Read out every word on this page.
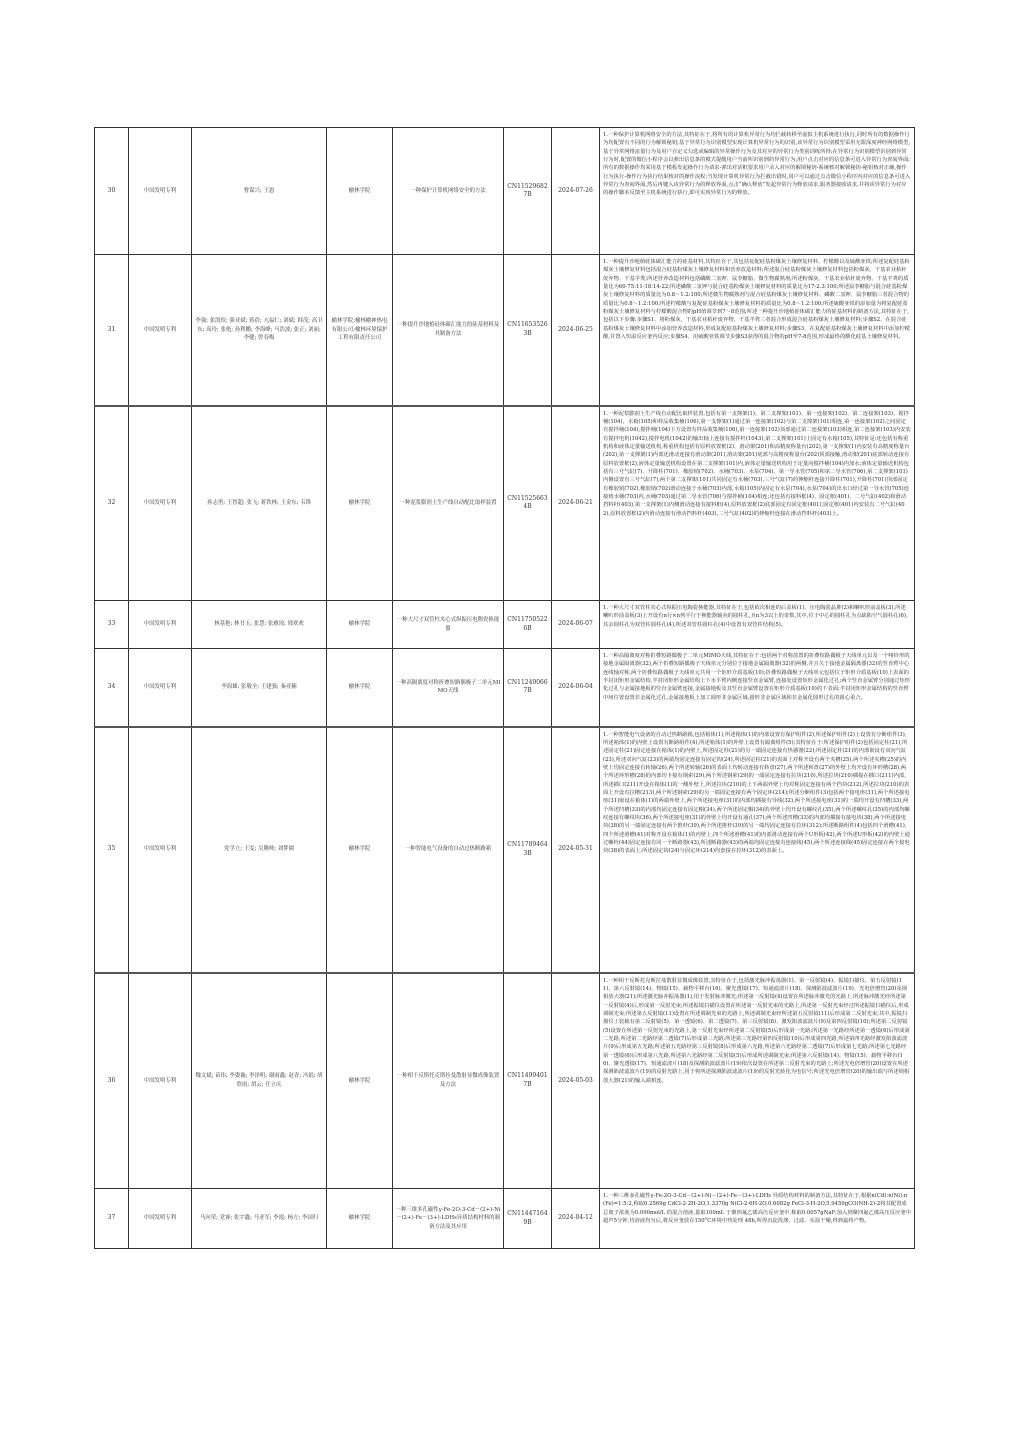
30	中国发明专利	曹谋兴; 王恩	榆林学院	一种保护计算机网络安全的方法	CN115296827B	2024-07-26	1.一种保护计算机网络安全的方法,其特征在于,将所有的计算机异常行为均拦截转移至虚拟主机系统进行执行,同时所有的数据操作行为均配置有不同的行为解锁秘钥;基于异常行为识别模型实现计算机异常行为的识别,该异常行为识别模型采用无限深度神经网络模型,基于异常网络流量行为及用户自定义勾选或编辑的异常操作行为及其对应的异常行为类别训练所得;在异常行为识别模型识别到异常行为时,配置的微信小程序会以弹出信息条的模式提醒用户当前所识别到的异常行为,用户点击对应的信息条可进入异常行为查阅界面;所有的数据操作均采用基于模板发起操作行为请求-弹出对话框要求用户录入对应的解锁秘钥-系统核对解锁秘钥-秘钥核对正确,操作行为执行-操作行为执行结果核对的操作流程;当发现计算机异常行为拦截出错时,用户可以通过点击微信小程序内对应的信息条可进入异常行为查阅界面,然后再键入该异常行为的释放界面,点击“确认释放”发起异常行为释放请求,服务器接收请求,并将该异常行为对应的操作脚本反馈至主机系统进行执行,即可实现异常行为的释放。
31	中国发明专利	李强; 张凯煜; 强亚斌; 蒋蓓; 亢福仁; 刘斌; 韩茂; 高卫东; 高玲; 张艳; 孙利鹏; 李海峰; 马浩波; 张正; 刘丽; 李健; 曾春梅	榆林学院;榆林榆神热电有限公司;榆林环境保护工程有限责任公司	一种提升沙地植硅体碳汇能力的硅基材料及其制备方法	CN116535263B	2024-06-25	1.一种提升沙地植硅体碳汇能力的硅基材料,其特征在于,其包括复配硅基粉煤灰土壤修复材料、柠檬酸以及硫酸亚铁;所述复配硅基粉煤灰土壤修复材料包括混合硅基粉煤灰土壤修复材料和营养改造材料;所述混合硅基粉煤灰土壤修复材料包括粉煤灰、干基农业秸秆废弃物、干基羊粪;所述营养改造材料包括磷酸二氢钾、鼠李糖脂、微生物腐熟剂;所述粉煤灰、干基农业秸秆废弃物、干基羊粪的质量比为60-75:11-18:14-22;所述磷酸二氢钾与混合硅基粉煤灰土壤修复材料的质量比为17-2.3:100;所述鼠李糖脂与混合硅基粉煤灰土壤修复材料的质量比为0.8～1.2:100;所述微生物腐熟剂与混合硅基粉煤灰土壤修复材料、磷酸二氢钾、鼠李糖脂三者混合物的质量比为0.8～1.2:100;所述柠檬酸与复配硅基粉煤灰土壤修复材料的质量比为0.8～1.2:100;所述硫酸亚铁的添加量为将复配硅基粉煤灰土壤修复材料与柠檬酸混合物的pH值调节到7～8范围;所述一种提升沙地植硅体碳汇能力的硅基材料的制备方法,其特征在于,包括以下步骤:步骤S1、将粉煤灰、干基农业秸秆废弃物、干基羊粪三者混合形成混合硅基粉煤灰土壤修复材料;步骤S2、在混合硅基粉煤灰土壤修复材料中添加营养改造材料,形成复配硅基粉煤灰土壤修复材料;步骤S3、在复配硅基粉煤灰土壤修复材料中添加柠檬酸,并置入恒温反应釜内反应;步骤S4、用硫酸亚铁调节步骤S3获得的混合物的pH至7-8范围,形成最终的酸化硅基土壤修复材料。
32	中国发明专利	孙志勇; 王智超; 张飞; 蒋铁林; 王金东; 韦锋	榆林学院	一种泥浆膨润土生产线自动配比取样装置	CN115256634B	2024-06-21	1.一种泥浆膨润土生产线自动配比取样装置,包括有第一支撑架(1)、第二支撑架(101)、第一连接架(102)、第二连接架(103)、搅拌桶(104)、水箱(105)和样品收集桶(106),第一支撑架(1)通过第一连接架(102)与第二支撑架(101)相连,第一连接架(102)之间固定有搅拌桶(104),搅拌桶(104)下方设置有样品收集桶(106),第一连接架(102)顶部通过第二连接架(103)相连,第二连接架(103)内安装有搅拌电机(1042),搅拌电机(1042)的输出轴上连接有搅拌杆(1043),第二支撑架(101)上固定有水箱(105),其特征是:还包括有称重机构和液体定量输送机构,称重机构包括有原料放置框(2)、滑动架(201)和高精度称量台(202),第一支撑架(1)内安装有高精度称量台(202),第一支撑架(1)内部还滑动连接有滑动架(201),滑动架(201)底部与高精度称量台(202)顶部接触,滑动架(201)底部转动连接有原料放置框(2),液体定量输送机构设置在第二支撑架(101)内,液体定量输送机构用于定量向搅拌桶(104)内加水;液体定量输送机构包括有三号气缸(7)、升降柱(701)、橡胶销(702)、水桶(703)、水泵(704)、第一导水管(705)和第二导水管(706),第二支撑架(101)内侧设置有三号气缸(7),两个第二支撑架(101)共同固定有水桶(703),三号气缸(7)的伸缩杆连接升降柱(701),升降柱(701)顶部固定有橡胶销(702),橡胶销(702)滑动连接于水桶(703)内部,水箱(105)内固定有水泵(704),水泵(704)的出水口经过第一导水管(705)连接到水桶(703)内,水桶(703)通过第二导水管(706)与搅拌桶(104)相连;还包括有接料框(4)、固定框(401)、二号气缸(402)和滑动挡料杆(403),第一支撑架(1)内侧滑动连接有接料框(4),原料放置框(2)底部固定有固定框(401),固定框(401)内安装有二号气缸(402),原料放置框(2)内滑动连接有滑动挡料杆(403),二号气缸(402)的伸缩杆连接在滑动挡料杆(403)上。
33	中国发明专利	林基艳; 林书玉; 张慧; 张雅琼; 邢欢欢	榆林学院	一种大尺寸双管柱夹心式纵振压电陶瓷换能器	CN117505226B	2024-06-07	1.一种大尺寸双管柱夹心式纵振压电陶瓷换能器,其特征在于,包括依次相连的后盖板(1)、压电陶瓷晶堆(2)和喇叭形前盖板(3),所述喇叭形前盖板(3)上开设有n行×n列平行于换能器轴向的圆柱孔,且n为3以上的奇数,其中,位于中心的圆柱孔为点缺陷空气圆柱孔(6),其余圆柱孔为双管柱圆柱孔(4),所述双管柱圆柱孔(4)中设置有双管柱结构(5)。
34	中国发明专利	李海雄; 张敬全; 王建强; 秦亚楠	榆林学院	一种高隔离度对称折叠短路偶极子二单元MIMO天线	CN112490667B	2024-06-04	1.一种高隔离度对称折叠短路偶极子二单元MIMO天线,其特征在于:包括两个对称放置的折叠短路偶极子天线单元以及一个哑铃形的接地金属隔离器(32),两个折叠短路偶极子天线单元分别位于接地金属隔离器(32)的两侧,并且关于接地金属隔离器(32)的竖直臂中心连线轴对称,两个折叠短路偶极子天线单元共用一个矩形介质基板(10);折叠短路偶极子天线单元包括位于矩形介质基板(10)上表面的半封闭矩形金属结构,半封闭矩形金属结构上下水平臂内侧连接竖直金属臂,连接处设置矩形金属化过孔;两个竖直金属臂分别通过矩形化过孔与金属接地板的竖直金属臂连接,金属接地板及其竖直金属臂设置在矩形介质基板(10)的下表面;半封闭矩形金属结构的竖直臂中间位置设置非金属化过孔,金属接地板上加工圆形非金属区域,圆形非金属区域和非金属化圆形过孔的圆心重合。
35	中国发明专利	党学立; 王雯; 吴腾帅; 刘梦園	榆林学院	一种智能电气设备的自动过热断路箱	CN117894643B	2024-05-31	1.一种智能电气设备的自动过热断路箱,包括箱体(1),所述箱体(1)的内部设置有保护组件(2),所述保护组件(2)上设置有分断组件(3),所述箱体(1)的内壁上设置有断路组件(4),所述箱体(1)的外壁上设置有隔离组件(5);其特征在于:所述保护组件(2)包括固定柱(21),所述固定柱(21)固定连接在箱体(1)的内壁上,所述固定柱(21)的另一端固定连接有热感器(22),所述固定柱(21)的内部嵌设有双向气缸(23),所述双向气缸(23)的两端均固定连接有固定钩(24),所述固定柱(21)的表面上对称开设有两个夹槽(25),两个所述夹槽(25)的内壁上均固定连接有转轴(26),两个所述转轴(26)的表面上均转动连接有转盘(27),两个所述转盘(27)的外壁上均开设有环形槽(28),两个所述环形槽(28)的内部均卡接有钢索(29),两个所述钢索(29)的一端固定连接有拉块(210),所述拉块(210)插接在插口(211)内部,所述插口(211)开设在箱体(1)的一侧外壁上,所述拉块(210)的上下两端外壁上均对称固定连接有两个挡块(212),所述拉块(210)的表面上开设有拉槽(213),两个所述钢索(29)的另一端固定连接有两个固定环(214);所述分断组件(3)包括两个接电座(31),两个所述接电座(31)嵌设在箱体(1)的两端外壁上,两个所述接电座(31)的内部均插接有导线(32),两个所述接电座(31)的一端均开设有凹槽(33),两个所述凹槽(33)的内部均固定连接有固定帽(34),两个所述固定帽(34)的外壁上均开设有螺纹孔(35),两个所述螺纹孔(35)的内部均螺纹连接有螺纹块(36),两个所述接电座(31)的外壁上均开设有通孔(37),两个所述凹槽(33)的内部均插接有接电块(38),两个所述接电块(38)的另一端固定连接有两个推杆(39),两个所述推杆(39)的另一端均固定连接有拉环(312);所述断路组件(4)包括四个滑槽(41),四个所述滑槽(41)对称开设在箱体(1)的内壁上,四个所述滑槽(41)的内部滑动连接有两个U形板(42),两个所述U形板(42)的内壁上通过螺栓(44)固定连接有同一个断路器(43),所述断路器(43)的两端均固定连接有连接线(45),两个所述连接线(45)固定连接在两个接电块(38)的表面上;所述固定钩(24)与固定环(214)均套接在拉环(312)的表面上。
36	中国发明专利	魏文斌; 苗伟; 李姿璇; 李泽明; 谢雨鑫; 赵青; 冯娟; 胡欣雨; 胡云; 任立庆	榆林学院	一种相干反斯托克斯拉曼散射显微成像装置及方法	CN114994017B	2024-05-03	1.一种相干反斯托克斯拉曼散射显微成像装置,其特征在于,包括激光脉冲振荡器(1)、第一反射镜(4)、振镜扫描仪、第五反射镜(11)、第六反射镜(14)、物镜(15)、载物平移台(16)、聚光透镜(17)、短通滤波片(18)、探测陷波滤波片(19)、光电倍增管(20)及锁相放大器(21);所述激光脉冲振荡器(1),用于发射脉冲激光;所述第一反射镜(4)设置在所述脉冲激光的光路上,所述脉冲激光经所述第一反射镜(4)后,形成第一反射光束;所述振镜扫描仪设置在所述第一反射光束的光路上,所述第一反射光束经过所述振镜扫描仪后,形成调制光束;所述第五反射镜(11)设置在所述调制光束的光路上,所述调制光束经所述第五反射镜(11)后形成第二反射光束;其中,振镜扫描仪上装载有第二反射镜(5)、第一透镜(6)、第二透镜(7)、第三反射镜(8)、激发陷波滤波片(9)及第四反射镜(10);所述第二反射镜(5)设置在所述第一反射光束的光路上,第一反射光束经所述第二反射镜(5)后形成第一光路;所述第一光路经所述第一透镜(6)后形成第二光路,所述第二光路经第二透镜(7)后形成第三光路;所述第三光路经第四反射镜(10)后形成第四光路,所述第四光路经激发陷波滤波片(9)后形成第五光路;所述第五光路经第三反射镜(8)后形成第六光路,所述第六光路经第二透镜(7)后形成第七光路;所述第七光路经第一透镜(6)后形成第八光路,所述第八光路经第二反射镜(5)后形成所述调制光束;所述第六反射镜(14)、物镜(15)、载物平移台(16)、聚光透镜(17)、短通滤波片(18)及探测陷波滤波片(19)依次设置在所述第二反射光束的光路上;所述光电倍增管(20)设置在所述探测陷波滤波片(19)的反射光路上,用于将所述探测陷波滤波片(19)的反射光转化为电信号;所述光电倍增管(20)的输出端与所述锁相放大器(21)的输入端相连。
37	中国发明专利	马向荣; 党睿; 张宇鑫; 马亚军; 李霞; 杨方; 李国归	榆林学院	一种三维多孔磁性γ-Fe-2O-3-Cd－(2+)-Ni－(2+)-Fe－(3+)-LDHs异质结构材料的制备方法及其应用	CN114471649B	2024-04-12	1.一种三维多孔磁性γ-Fe-2O-3-Cd－(2+)-Ni－(2+)-Fe－(3+)-LDHs 异质结构材料的制备方法,其特征在于,根据n(Cd):n(Ni):n(Fe)=1:5:2,称取0.2569g CdCl-2·2H-2O,1.3370g NiCl-2·6H-2O,0.6082g FeCl-3·H-2O,5.9459gCO(NH-2)-2将其配置成总离子浓度为0.090mol/L 的混合溶液,量取100mL 于聚四氟乙烯高压反应釜中,称取0.0057gNaF;加入到聚四氟乙烯高压反应釜中超声5分钟,待溶液均匀后,将反应釜放在150°C环境中热处理 48h,所得沉淀洗涤、过滤、室温干燥,得到最终产物。
